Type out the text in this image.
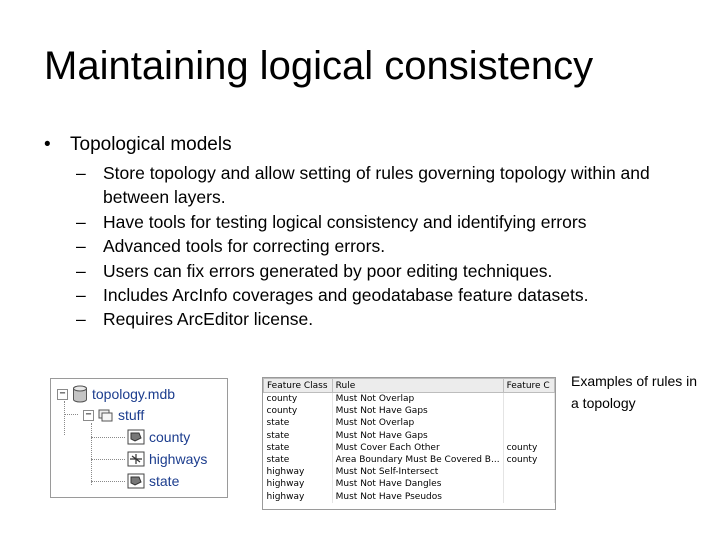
Maintaining logical consistency
• Topological models
– Store topology and allow setting of rules governing topology within and between layers.
– Have tools for testing logical consistency and identifying errors
– Advanced tools for correcting errors.
– Users can fix errors generated by poor editing techniques.
– Includes ArcInfo coverages and geodatabase feature datasets.
– Requires ArcEditor license.
− topology.mdb
− stuff
county
highways
state
Feature Class	Rule	Feature C
county	Must Not Overlap	
county	Must Not Have Gaps	
state	Must Not Overlap	
state	Must Not Have Gaps	
state	Must Cover Each Other	county
state	Area Boundary Must Be Covered B...	county
highway	Must Not Self-Intersect	
highway	Must Not Have Dangles	
highway	Must Not Have Pseudos	
Examples of rules in a topology
